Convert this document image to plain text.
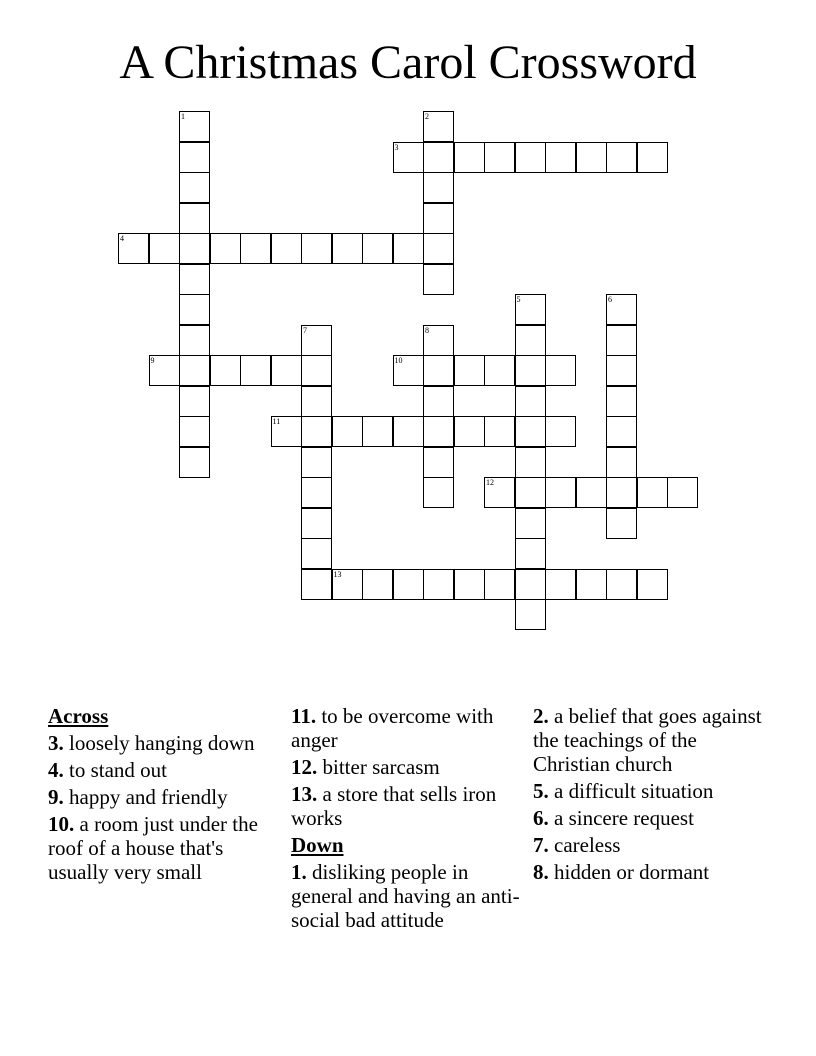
A Christmas Carol Crossword
1	2
3
4
5	6
7	8
9	10
11
12
13
Across
3. loosely hanging down
4. to stand out
9. happy and friendly
10. a room just under the roof of a house that's usually very small
11. to be overcome with anger
12. bitter sarcasm
13. a store that sells iron works
Down
1. disliking people in general and having an anti-social bad attitude
2. a belief that goes against the teachings of the Christian church
5. a difficult situation
6. a sincere request
7. careless
8. hidden or dormant
